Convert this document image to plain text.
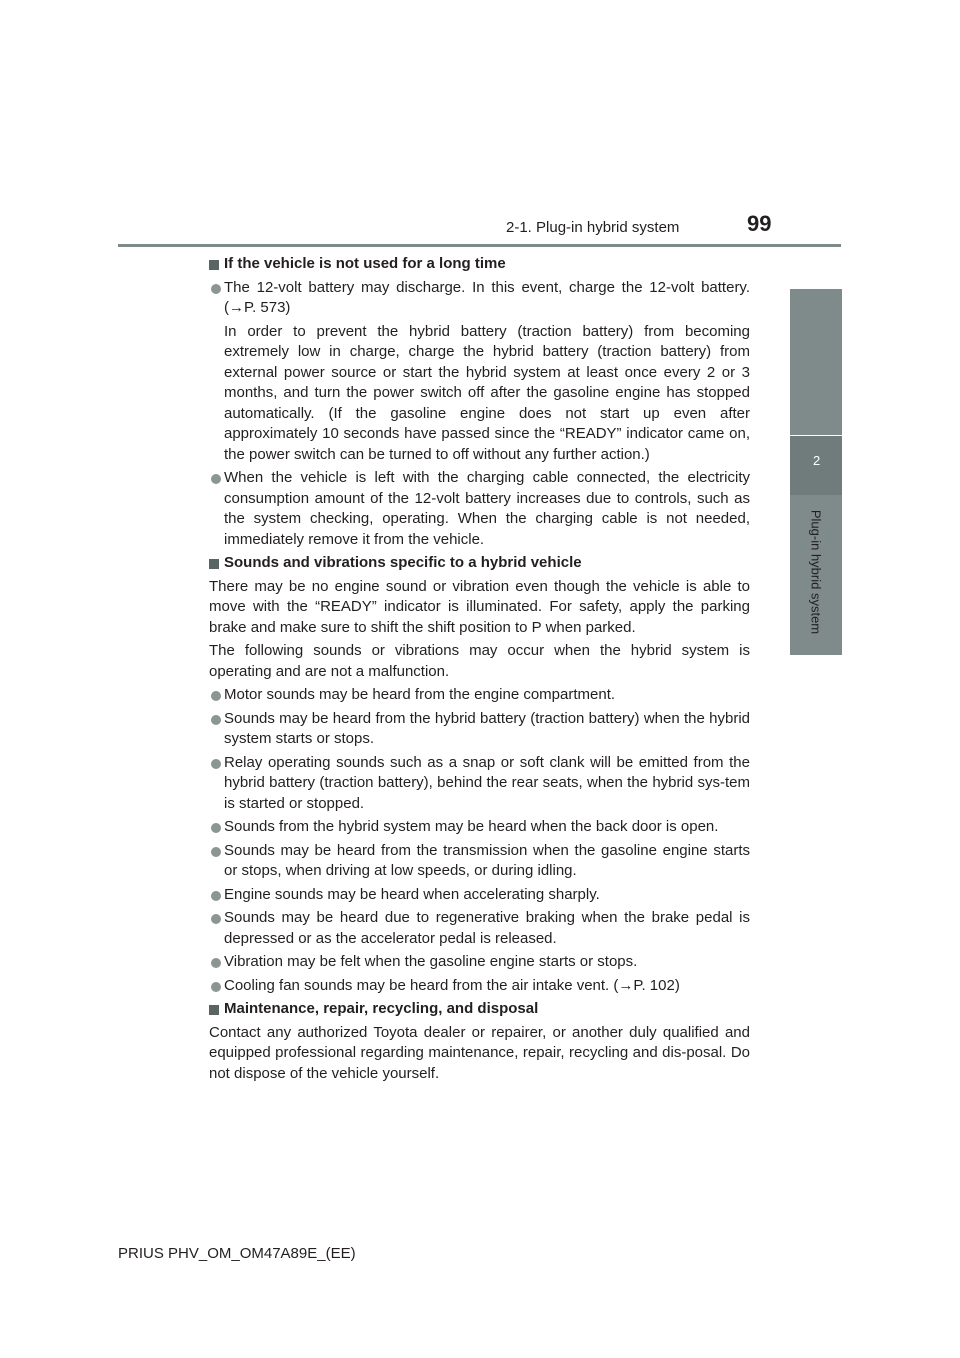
2-1. Plug-in hybrid system	99
2
Plug-in hybrid system
If the vehicle is not used for a long time
The 12-volt battery may discharge. In this event, charge the 12-volt battery. (→P. 573)
In order to prevent the hybrid battery (traction battery) from becoming extremely low in charge, charge the hybrid battery (traction battery) from external power source or start the hybrid system at least once every 2 or 3 months, and turn the power switch off after the gasoline engine has stopped automatically. (If the gasoline engine does not start up even after approximately 10 seconds have passed since the “READY” indicator came on, the power switch can be turned to off without any further action.)
When the vehicle is left with the charging cable connected, the electricity consumption amount of the 12-volt battery increases due to controls, such as the system checking, operating. When the charging cable is not needed, immediately remove it from the vehicle.
Sounds and vibrations specific to a hybrid vehicle
There may be no engine sound or vibration even though the vehicle is able to move with the “READY” indicator is illuminated. For safety, apply the parking brake and make sure to shift the shift position to P when parked.
The following sounds or vibrations may occur when the hybrid system is operating and are not a malfunction.
Motor sounds may be heard from the engine compartment.
Sounds may be heard from the hybrid battery (traction battery) when the hybrid system starts or stops.
Relay operating sounds such as a snap or soft clank will be emitted from the hybrid battery (traction battery), behind the rear seats, when the hybrid sys-tem is started or stopped.
Sounds from the hybrid system may be heard when the back door is open.
Sounds may be heard from the transmission when the gasoline engine starts or stops, when driving at low speeds, or during idling.
Engine sounds may be heard when accelerating sharply.
Sounds may be heard due to regenerative braking when the brake pedal is depressed or as the accelerator pedal is released.
Vibration may be felt when the gasoline engine starts or stops.
Cooling fan sounds may be heard from the air intake vent. (→P. 102)
Maintenance, repair, recycling, and disposal
Contact any authorized Toyota dealer or repairer, or another duly qualified and equipped professional regarding maintenance, repair, recycling and dis-posal. Do not dispose of the vehicle yourself.
PRIUS PHV_OM_OM47A89E_(EE)
